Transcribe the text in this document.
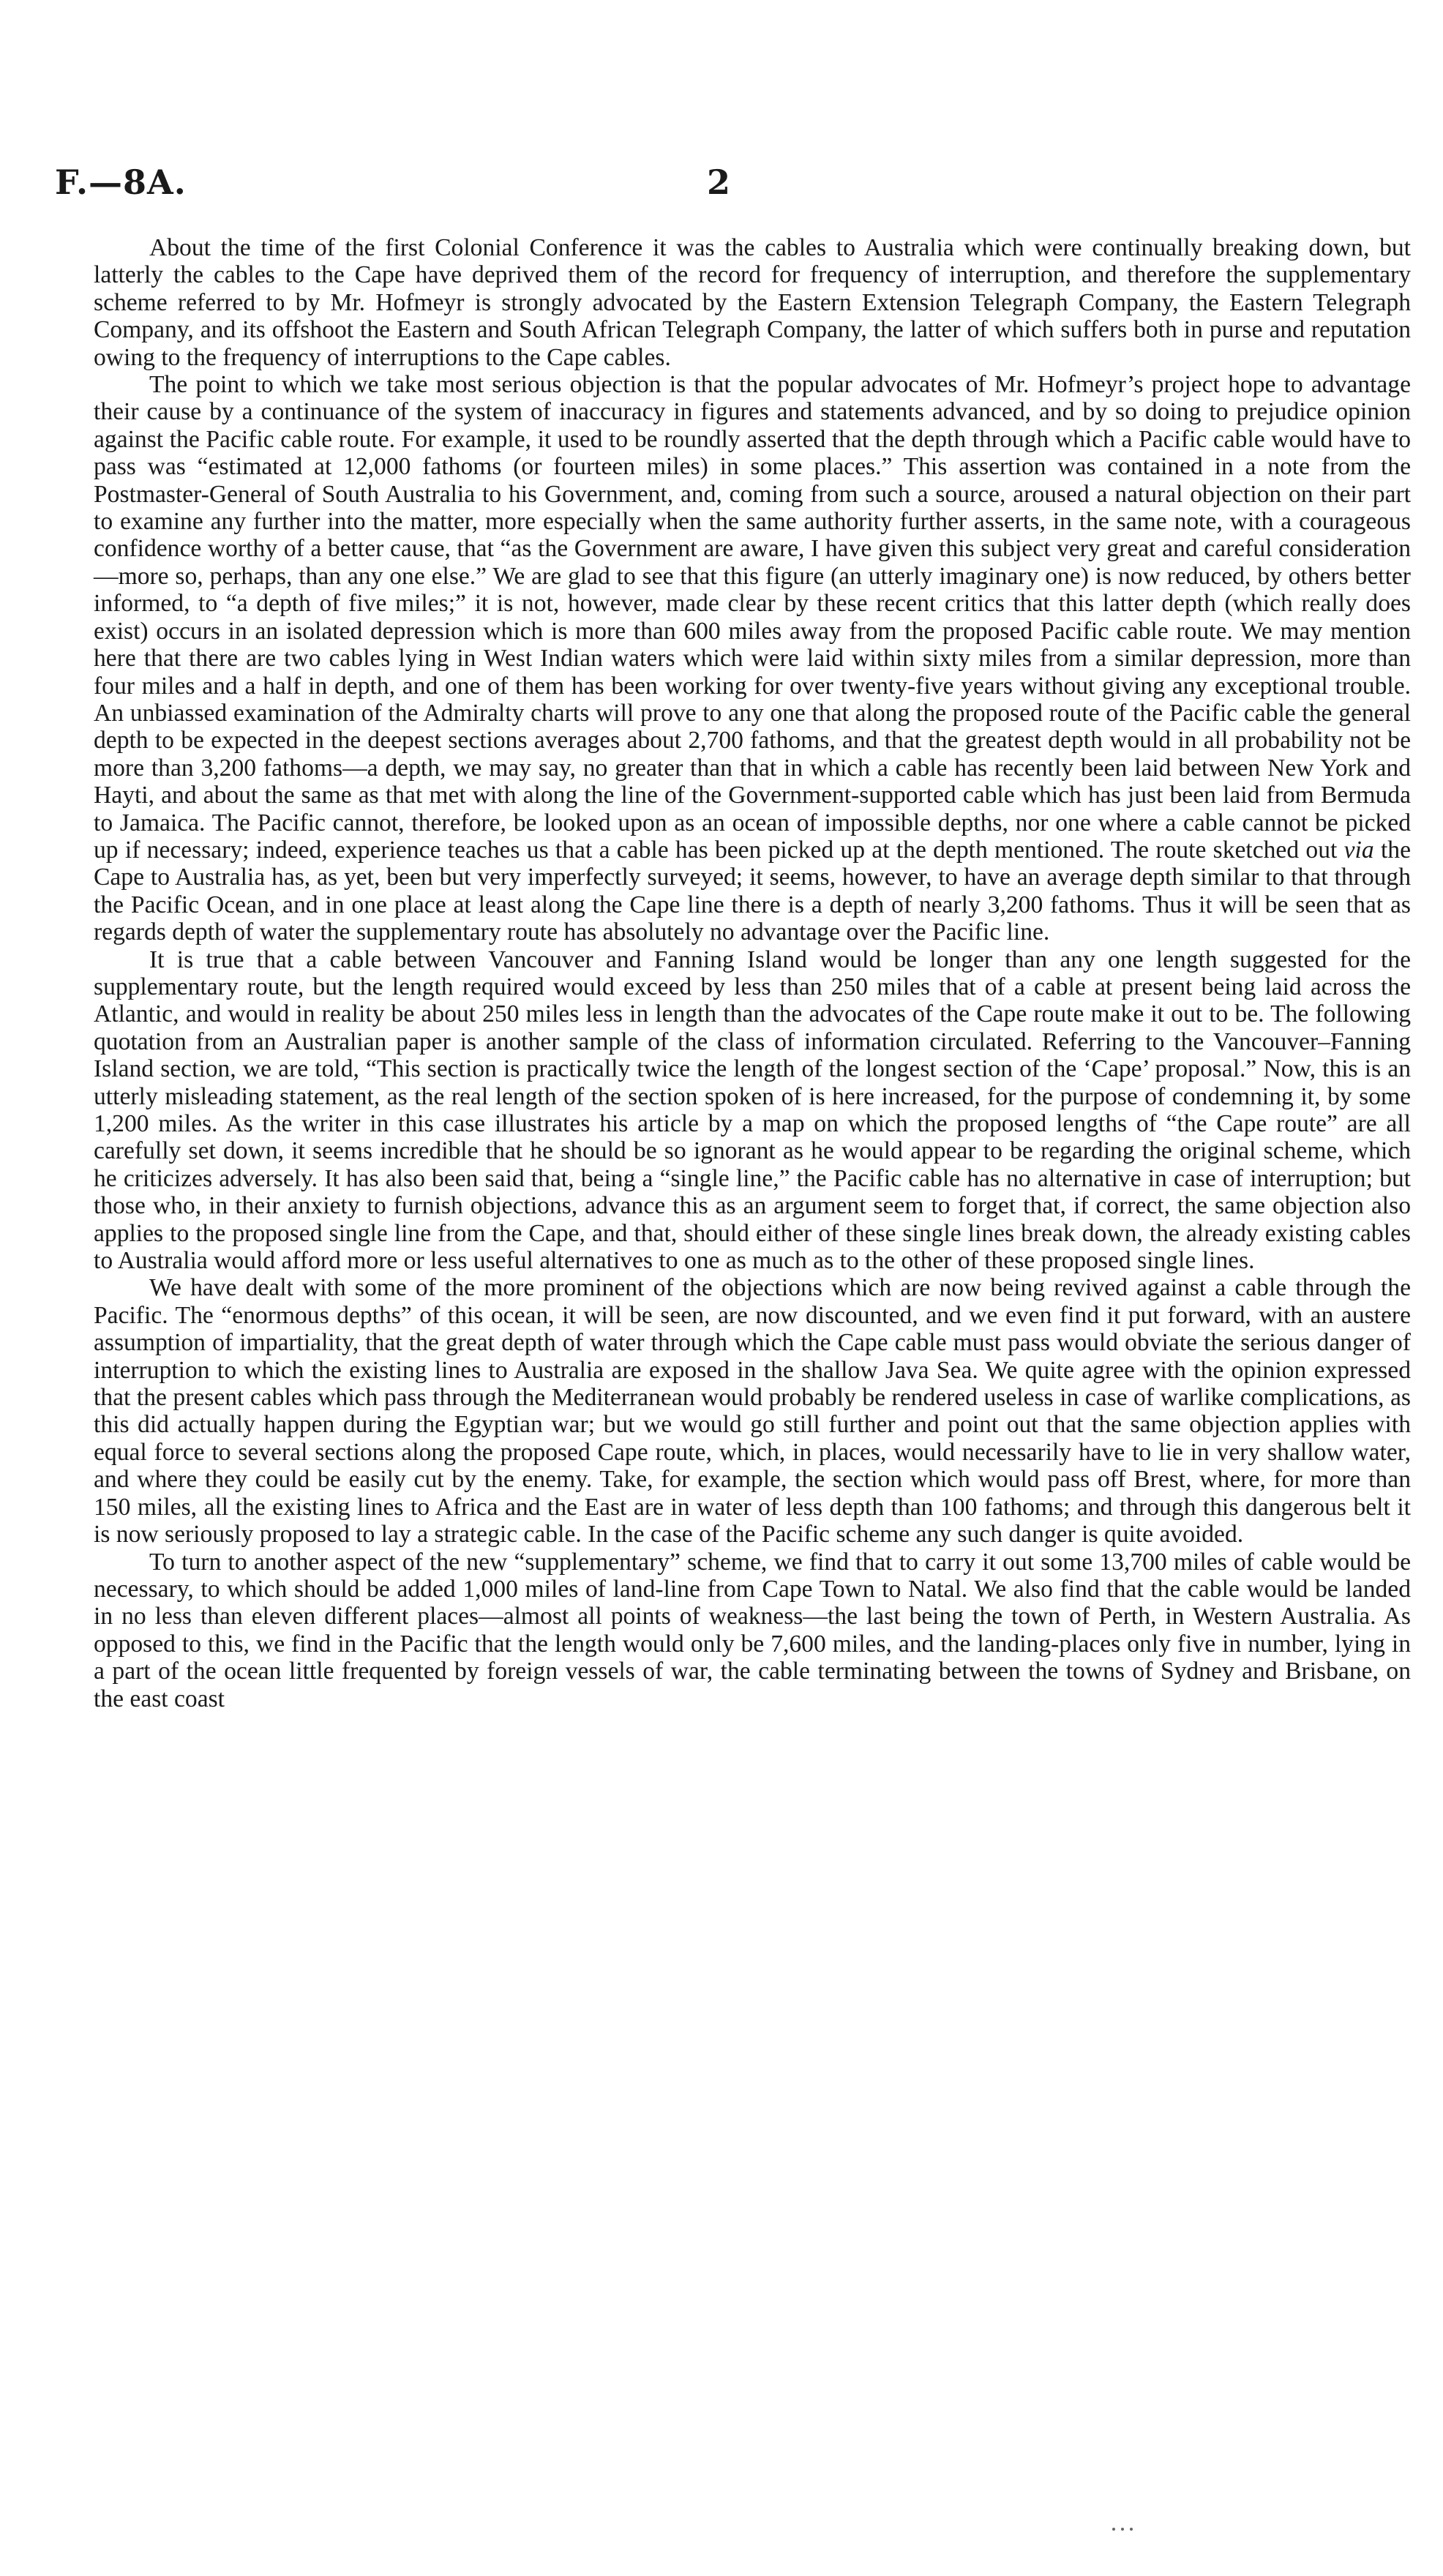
F.—8A.	2

About the time of the first Colonial Conference it was the cables to Australia which were continually breaking down, but latterly the cables to the Cape have deprived them of the record for frequency of interruption, and therefore the supplementary scheme referred to by Mr. Hofmeyr is strongly advocated by the Eastern Extension Telegraph Company, the Eastern Telegraph Company, and its offshoot the Eastern and South African Telegraph Company, the latter of which suffers both in purse and reputation owing to the frequency of interruptions to the Cape cables.

The point to which we take most serious objection is that the popular advocates of Mr. Hofmeyr’s project hope to advantage their cause by a continuance of the system of inaccuracy in figures and statements advanced, and by so doing to prejudice opinion against the Pacific cable route. For example, it used to be roundly asserted that the depth through which a Pacific cable would have to pass was “estimated at 12,000 fathoms (or fourteen miles) in some places.” This assertion was contained in a note from the Postmaster-General of South Australia to his Government, and, coming from such a source, aroused a natural objection on their part to examine any further into the matter, more especially when the same authority further asserts, in the same note, with a courageous confidence worthy of a better cause, that “as the Government are aware, I have given this subject very great and careful consideration—more so, perhaps, than any one else.” We are glad to see that this figure (an utterly imaginary one) is now reduced, by others better informed, to “a depth of five miles;” it is not, however, made clear by these recent critics that this latter depth (which really does exist) occurs in an isolated depression which is more than 600 miles away from the proposed Pacific cable route. We may mention here that there are two cables lying in West Indian waters which were laid within sixty miles from a similar depression, more than four miles and a half in depth, and one of them has been working for over twenty-five years without giving any exceptional trouble. An unbiassed examination of the Admiralty charts will prove to any one that along the proposed route of the Pacific cable the general depth to be expected in the deepest sections averages about 2,700 fathoms, and that the greatest depth would in all probability not be more than 3,200 fathoms—a depth, we may say, no greater than that in which a cable has recently been laid between New York and Hayti, and about the same as that met with along the line of the Government-supported cable which has just been laid from Bermuda to Jamaica. The Pacific cannot, therefore, be looked upon as an ocean of impossible depths, nor one where a cable cannot be picked up if necessary; indeed, experience teaches us that a cable has been picked up at the depth mentioned. The route sketched out via the Cape to Australia has, as yet, been but very imperfectly surveyed; it seems, however, to have an average depth similar to that through the Pacific Ocean, and in one place at least along the Cape line there is a depth of nearly 3,200 fathoms. Thus it will be seen that as regards depth of water the supplementary route has absolutely no advantage over the Pacific line.

It is true that a cable between Vancouver and Fanning Island would be longer than any one length suggested for the supplementary route, but the length required would exceed by less than 250 miles that of a cable at present being laid across the Atlantic, and would in reality be about 250 miles less in length than the advocates of the Cape route make it out to be. The following quotation from an Australian paper is another sample of the class of information circulated. Referring to the Vancouver–Fanning Island section, we are told, “This section is practically twice the length of the longest section of the ‘Cape’ proposal.” Now, this is an utterly misleading statement, as the real length of the section spoken of is here increased, for the purpose of condemning it, by some 1,200 miles. As the writer in this case illustrates his article by a map on which the proposed lengths of “the Cape route” are all carefully set down, it seems incredible that he should be so ignorant as he would appear to be regarding the original scheme, which he criticizes adversely. It has also been said that, being a “single line,” the Pacific cable has no alternative in case of interruption; but those who, in their anxiety to furnish objections, advance this as an argument seem to forget that, if correct, the same objection also applies to the proposed single line from the Cape, and that, should either of these single lines break down, the already existing cables to Australia would afford more or less useful alternatives to one as much as to the other of these proposed single lines.

We have dealt with some of the more prominent of the objections which are now being revived against a cable through the Pacific. The “enormous depths” of this ocean, it will be seen, are now discounted, and we even find it put forward, with an austere assumption of impartiality, that the great depth of water through which the Cape cable must pass would obviate the serious danger of interruption to which the existing lines to Australia are exposed in the shallow Java Sea. We quite agree with the opinion expressed that the present cables which pass through the Mediterranean would probably be rendered useless in case of warlike complications, as this did actually happen during the Egyptian war; but we would go still further and point out that the same objection applies with equal force to several sections along the proposed Cape route, which, in places, would necessarily have to lie in very shallow water, and where they could be easily cut by the enemy. Take, for example, the section which would pass off Brest, where, for more than 150 miles, all the existing lines to Africa and the East are in water of less depth than 100 fathoms; and through this dangerous belt it is now seriously proposed to lay a strategic cable. In the case of the Pacific scheme any such danger is quite avoided.

To turn to another aspect of the new “supplementary” scheme, we find that to carry it out some 13,700 miles of cable would be necessary, to which should be added 1,000 miles of land-line from Cape Town to Natal. We also find that the cable would be landed in no less than eleven different places—almost all points of weakness—the last being the town of Perth, in Western Australia. As opposed to this, we find in the Pacific that the length would only be 7,600 miles, and the landing-places only five in number, lying in a part of the ocean little frequented by foreign vessels of war, the cable terminating between the towns of Sydney and Brisbane, on the east coast
